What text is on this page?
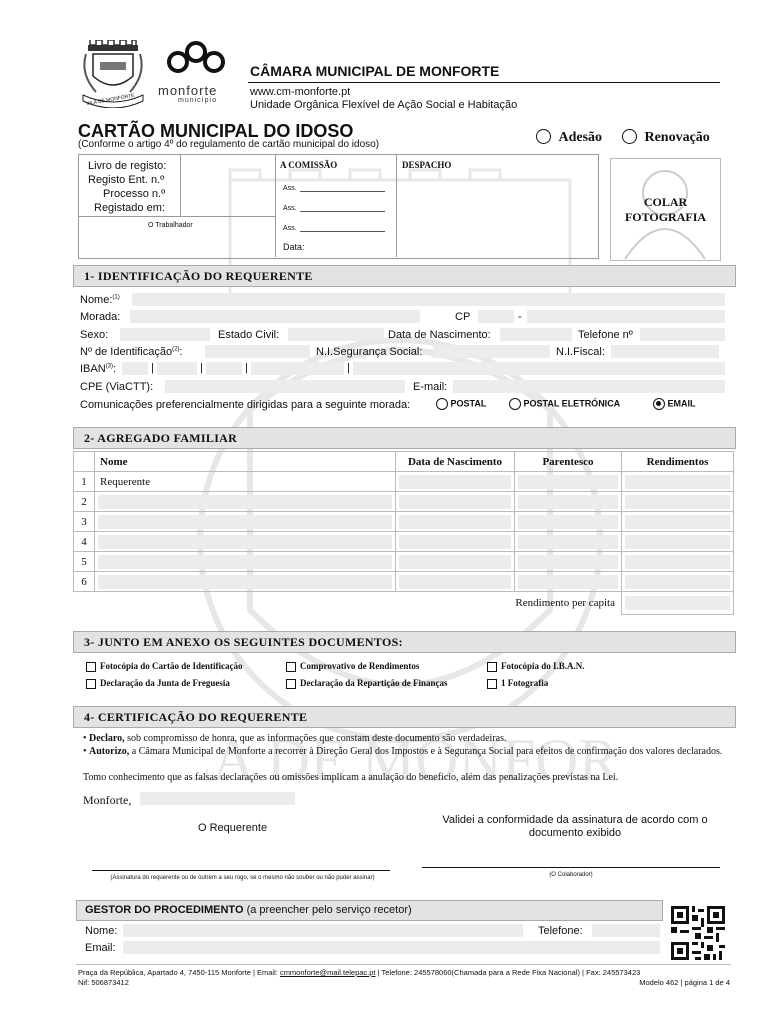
LA DE MONFOR
VILA DE MONFORTE
monforte
município
CÂMARA MUNICIPAL DE MONFORTE
www.cm-monforte.pt
Unidade Orgânica Flexível de Ação Social e Habitação
CARTÃO MUNICIPAL DO IDOSO
(Conforme o artigo 4º do regulamento de cartão municipal do idoso)	Adesão	Renovação
Livro de registo:
Registo Ent. n.º
Processo n.º
Registado em:
O Trabalhador
A COMISSÃO
Ass.
Ass.
Ass.
Data:
DESPACHO
COLAR
FOTOGRAFIA
1- IDENTIFICAÇÃO DO REQUERENTE
Nome:$^{(1)}$
Morada:	CP	-
Sexo:	Estado Civil:	Data de Nascimento:	Telefone nº
Nº de Identificação$^{(2)}$:	N.I.Segurança Social:	N.I.Fiscal:
IBAN$^{(3)}$:	|	|	|	|
CPE (ViaCTT):	E-mail:
Comunicações preferencialmente dirigidas para a seguinte morada:	POSTAL	POSTAL ELETRÓNICA	EMAIL
2- AGREGADO FAMILIAR
	Nome	Data de Nascimento	Parentesco	Rendimentos
1	Requerente	

2	

3	

4	

5	

6	

Rendimento per capita				
3- JUNTO EM ANEXO OS SEGUINTES DOCUMENTOS:
Fotocópia do Cartão de Identificação	Comprovativo de Rendimentos	Fotocópia do I.B.A.N.
Declaração da Junta de Freguesia	Declaração da Repartição de Finanças	1 Fotografia
4- CERTIFICAÇÃO DO REQUERENTE
• Declaro, sob compromisso de honra, que as informações que constam deste documento são verdadeiras.
• Autorizo, a Câmara Municipal de Monforte a recorrer à Direção Geral dos Impostos e à Segurança Social para efeitos de confirmação dos valores declarados.
Tomo conhecimento que as falsas declarações ou omissões implicam a anulação do benefício, além das penalizações previstas na Lei.
Monforte,
O Requerente
Validei a conformidade da assinatura de acordo com o documento exibido
(Assinatura do requerente ou de outrem a seu rogo, se o mesmo não souber ou não puder assinar)	(O Colaborador)
GESTOR DO PROCEDIMENTO (a preencher pelo serviço recetor)
Nome:	Telefone:
Email:
Praça da República, Apartado 4, 7450-115 Monforte | Email: cmmonforte@mail.telepac.pt | Telefone: 245578060(Chamada para a Rede Fixa Nacional) | Fax: 245573423
Nif: 506873412	Modelo 462 | página 1 de 4
